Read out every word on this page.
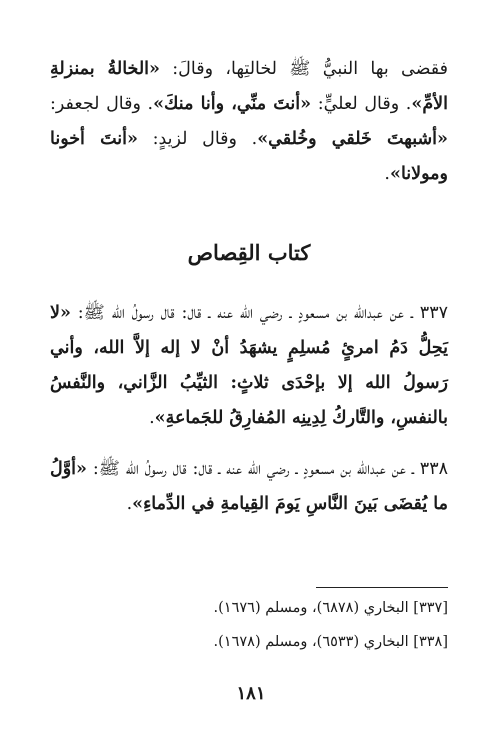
فقضى بها النبيُّ ﷺ لخالتِها، وقالَ: «الخالةُ بمنزلةِ الأمِّ». وقال لعليٍّ: «أنتَ منِّي، وأنا منكَ». وقال لجعفر: «أشبهتَ خَلقي وخُلقي». وقال لزيدٍ: «أنتَ أخونا ومولانا».

كتاب القِصاص

٣٣٧ ـ عن عبدالله بن مسعودٍ ـ رضي الله عنه ـ قال: قال رسولُ الله ﷺ: «لا يَحِلُّ دَمُ امرئٍ مُسلِمٍ يشهَدُ أنْ لا إله إلاَّ الله، وأني رَسولُ الله إلا بإحْدَى ثلاثٍ: الثيِّبُ الزَّاني، والنَّفسُ بالنفسِ، والتَّاركُ لِدِينِه المُفارِقُ للجَماعةِ».

٣٣٨ ـ عن عبدالله بن مسعودٍ ـ رضي الله عنه ـ قال: قال رسولُ الله ﷺ: «أوَّلُ ما يُقضَى بَينَ النَّاسِ يَومَ القِيامةِ في الدِّماءِ».

[٣٣٧] البخاري (٦٨٧٨)، ومسلم (١٦٧٦).

[٣٣٨] البخاري (٦٥٣٣)، ومسلم (١٦٧٨).

١٨١
